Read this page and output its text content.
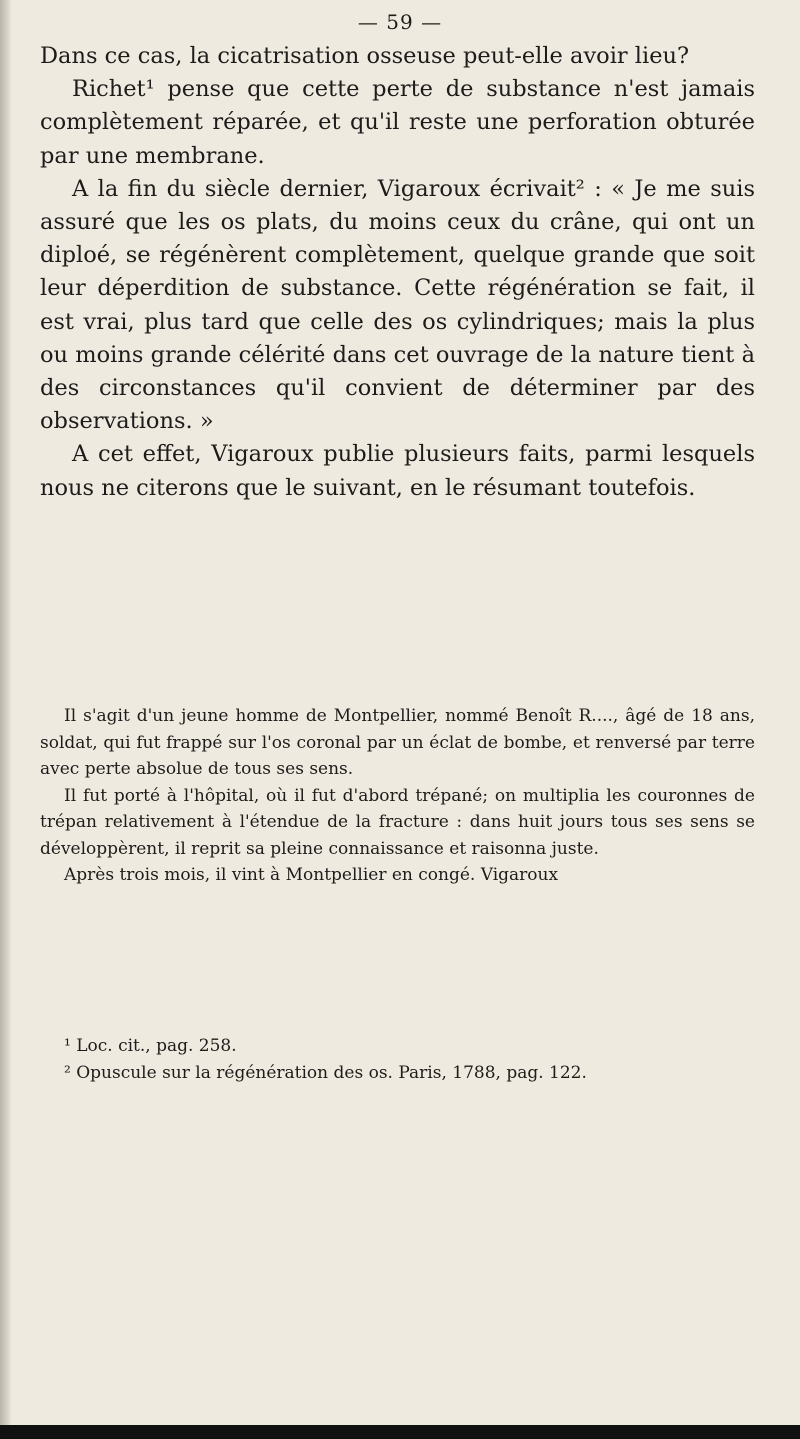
— 59 —

Dans ce cas, la cicatrisation osseuse peut-elle avoir lieu?

Richet¹ pense que cette perte de substance n'est jamais complètement réparée, et qu'il reste une perforation obturée par une membrane.

A la fin du siècle dernier, Vigaroux écrivait² : « Je me suis assuré que les os plats, du moins ceux du crâne, qui ont un diploé, se régénèrent complètement, quelque grande que soit leur déperdition de substance. Cette régénération se fait, il est vrai, plus tard que celle des os cylindriques; mais la plus ou moins grande célérité dans cet ouvrage de la nature tient à des circonstances qu'il convient de déterminer par des observations. »

A cet effet, Vigaroux publie plusieurs faits, parmi lesquels nous ne citerons que le suivant, en le résumant toutefois.

Il s'agit d'un jeune homme de Montpellier, nommé Benoît R...., âgé de 18 ans, soldat, qui fut frappé sur l'os coronal par un éclat de bombe, et renversé par terre avec perte absolue de tous ses sens.

Il fut porté à l'hôpital, où il fut d'abord trépané; on multiplia les couronnes de trépan relativement à l'étendue de la fracture : dans huit jours tous ses sens se développèrent, il reprit sa pleine connaissance et raisonna juste.

Après trois mois, il vint à Montpellier en congé. Vigaroux

¹ Loc. cit., pag. 258.

² Opuscule sur la régénération des os. Paris, 1788, pag. 122.
